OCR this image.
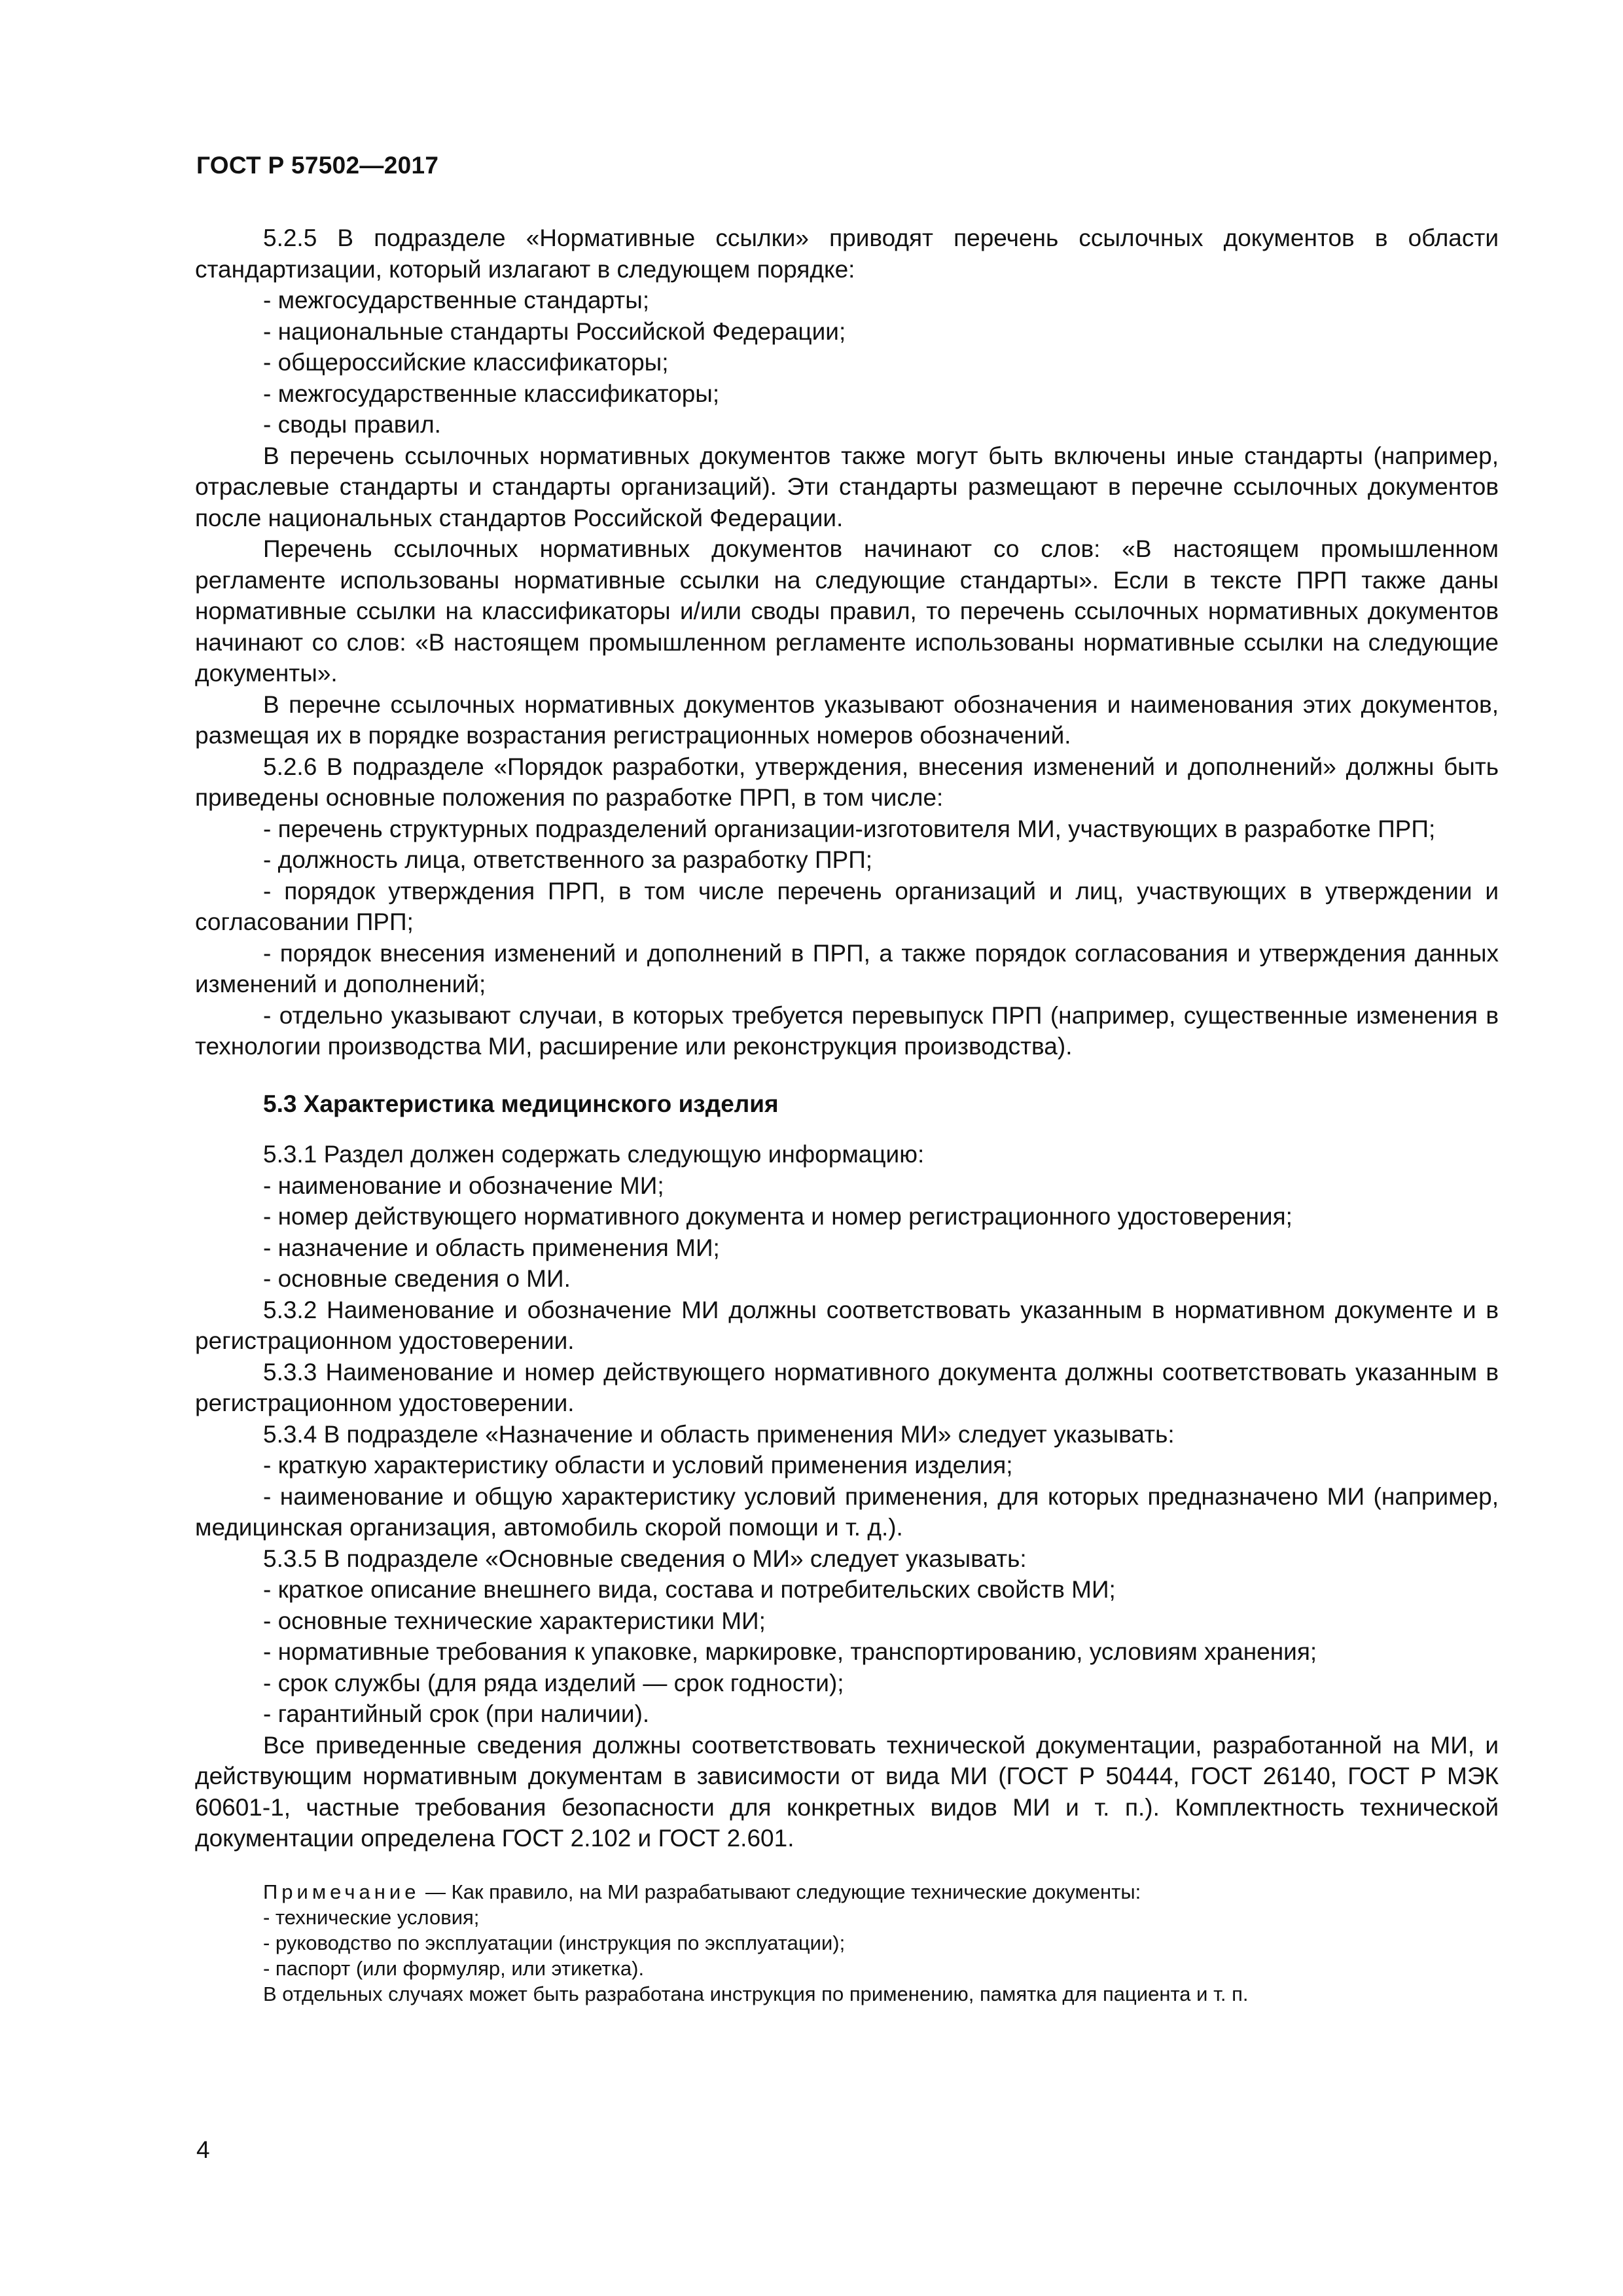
ГОСТ Р 57502—2017

5.2.5 В подразделе «Нормативные ссылки» приводят перечень ссылочных документов в области стандартизации, который излагают в следующем порядке:

- межгосударственные стандарты;

- национальные стандарты Российской Федерации;

- общероссийские классификаторы;

- межгосударственные классификаторы;

- своды правил.

В перечень ссылочных нормативных документов также могут быть включены иные стандарты (например, отраслевые стандарты и стандарты организаций). Эти стандарты размещают в перечне ссылочных документов после национальных стандартов Российской Федерации.

Перечень ссылочных нормативных документов начинают со слов: «В настоящем промышленном регламенте использованы нормативные ссылки на следующие стандарты». Если в тексте ПРП также даны нормативные ссылки на классификаторы и/или своды правил, то перечень ссылочных нормативных документов начинают со слов: «В настоящем промышленном регламенте использованы нормативные ссылки на следующие документы».

В перечне ссылочных нормативных документов указывают обозначения и наименования этих документов, размещая их в порядке возрастания регистрационных номеров обозначений.

5.2.6 В подразделе «Порядок разработки, утверждения, внесения изменений и дополнений» должны быть приведены основные положения по разработке ПРП, в том числе:

- перечень структурных подразделений организации-изготовителя МИ, участвующих в разработке ПРП;

- должность лица, ответственного за разработку ПРП;

- порядок утверждения ПРП, в том числе перечень организаций и лиц, участвующих в утверждении и согласовании ПРП;

- порядок внесения изменений и дополнений в ПРП, а также порядок согласования и утверждения данных изменений и дополнений;

- отдельно указывают случаи, в которых требуется перевыпуск ПРП (например, существенные изменения в технологии производства МИ, расширение или реконструкция производства).

5.3 Характеристика медицинского изделия

5.3.1 Раздел должен содержать следующую информацию:

- наименование и обозначение МИ;

- номер действующего нормативного документа и номер регистрационного удостоверения;

- назначение и область применения МИ;

- основные сведения о МИ.

5.3.2 Наименование и обозначение МИ должны соответствовать указанным в нормативном документе и в регистрационном удостоверении.

5.3.3 Наименование и номер действующего нормативного документа должны соответствовать указанным в регистрационном удостоверении.

5.3.4 В подразделе «Назначение и область применения МИ» следует указывать:

- краткую характеристику области и условий применения изделия;

- наименование и общую характеристику условий применения, для которых предназначено МИ (например, медицинская организация, автомобиль скорой помощи и т. д.).

5.3.5 В подразделе «Основные сведения о МИ» следует указывать:

- краткое описание внешнего вида, состава и потребительских свойств МИ;

- основные технические характеристики МИ;

- нормативные требования к упаковке, маркировке, транспортированию, условиям хранения;

- срок службы (для ряда изделий — срок годности);

- гарантийный срок (при наличии).

Все приведенные сведения должны соответствовать технической документации, разработанной на МИ, и действующим нормативным документам в зависимости от вида МИ (ГОСТ Р 50444, ГОСТ 26140, ГОСТ Р МЭК 60601-1, частные требования безопасности для конкретных видов МИ и т. п.). Комплектность технической документации определена ГОСТ 2.102 и ГОСТ 2.601.

Примечание — Как правило, на МИ разрабатывают следующие технические документы:

- технические условия;

- руководство по эксплуатации (инструкция по эксплуатации);

- паспорт (или формуляр, или этикетка).

В отдельных случаях может быть разработана инструкция по применению, памятка для пациента и т. п.

4
